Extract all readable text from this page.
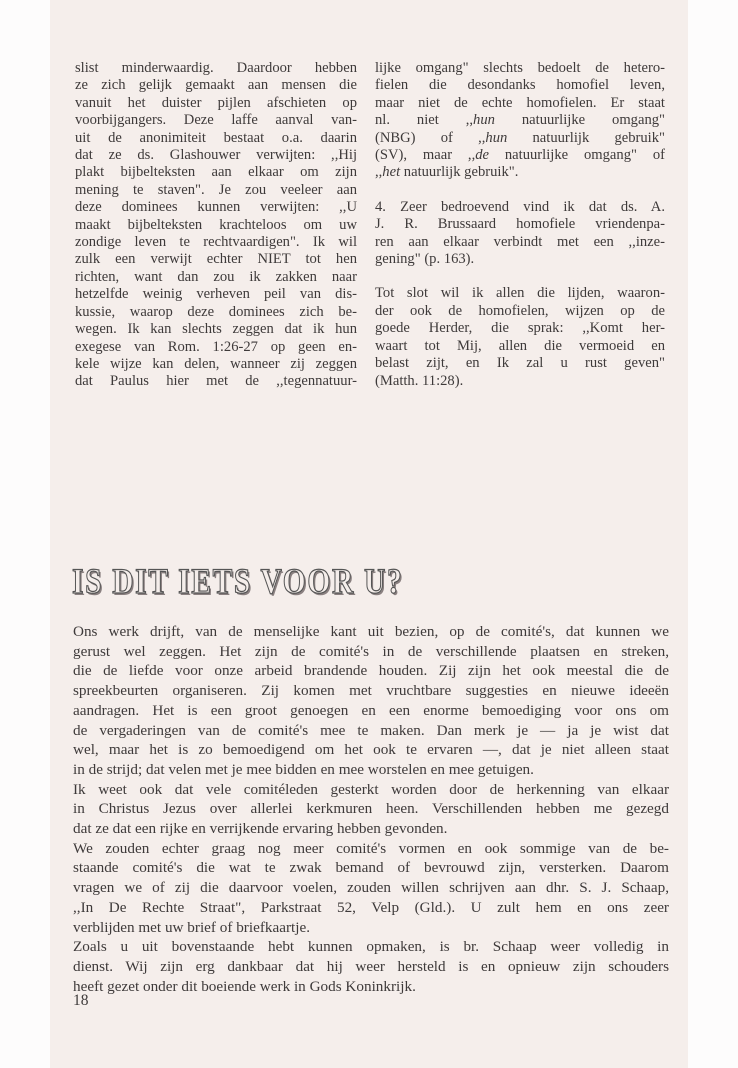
slist minderwaardig. Daardoor hebben
ze zich gelijk gemaakt aan mensen die
vanuit het duister pijlen afschieten op
voorbijgangers. Deze laffe aanval van-
uit de anonimiteit bestaat o.a. daarin
dat ze ds. Glashouwer verwijten: ,,Hij
plakt bijbelteksten aan elkaar om zijn
mening te staven". Je zou veeleer aan
deze dominees kunnen verwijten: ,,U
maakt bijbelteksten krachteloos om uw
zondige leven te rechtvaardigen". Ik wil
zulk een verwijt echter NIET tot hen
richten, want dan zou ik zakken naar
hetzelfde weinig verheven peil van dis-
kussie, waarop deze dominees zich be-
wegen. Ik kan slechts zeggen dat ik hun
exegese van Rom. 1:26-27 op geen en-
kele wijze kan delen, wanneer zij zeggen
dat Paulus hier met de ,,tegennatuur-
lijke omgang" slechts bedoelt de hetero-
fielen die desondanks homofiel leven,
maar niet de echte homofielen. Er staat
nl. niet ,,hun natuurlijke omgang"
(NBG) of ,,hun natuurlijk gebruik"
(SV), maar ,,de natuurlijke omgang" of
,,het natuurlijk gebruik".
4. Zeer bedroevend vind ik dat ds. A.
J. R. Brussaard homofiele vriendenpa-
ren aan elkaar verbindt met een ,,inze-
gening" (p. 163).
Tot slot wil ik allen die lijden, waaron-
der ook de homofielen, wijzen op de
goede Herder, die sprak: ,,Komt her-
waart tot Mij, allen die vermoeid en
belast zijt, en Ik zal u rust geven"
(Matth. 11:28).
IS DIT IETS VOOR U?
Ons werk drijft, van de menselijke kant uit bezien, op de comité's, dat kunnen we
gerust wel zeggen. Het zijn de comité's in de verschillende plaatsen en streken,
die de liefde voor onze arbeid brandende houden. Zij zijn het ook meestal die de
spreekbeurten organiseren. Zij komen met vruchtbare suggesties en nieuwe ideeën
aandragen. Het is een groot genoegen en een enorme bemoediging voor ons om
de vergaderingen van de comité's mee te maken. Dan merk je — ja je wist dat
wel, maar het is zo bemoedigend om het ook te ervaren —, dat je niet alleen staat
in de strijd; dat velen met je mee bidden en mee worstelen en mee getuigen.
Ik weet ook dat vele comitéleden gesterkt worden door de herkenning van elkaar
in Christus Jezus over allerlei kerkmuren heen. Verschillenden hebben me gezegd
dat ze dat een rijke en verrijkende ervaring hebben gevonden.
We zouden echter graag nog meer comité's vormen en ook sommige van de be-
staande comité's die wat te zwak bemand of bevrouwd zijn, versterken. Daarom
vragen we of zij die daarvoor voelen, zouden willen schrijven aan dhr. S. J. Schaap,
,,In De Rechte Straat", Parkstraat 52, Velp (Gld.). U zult hem en ons zeer
verblijden met uw brief of briefkaartje.
Zoals u uit bovenstaande hebt kunnen opmaken, is br. Schaap weer volledig in
dienst. Wij zijn erg dankbaar dat hij weer hersteld is en opnieuw zijn schouders
heeft gezet onder dit boeiende werk in Gods Koninkrijk.
18
